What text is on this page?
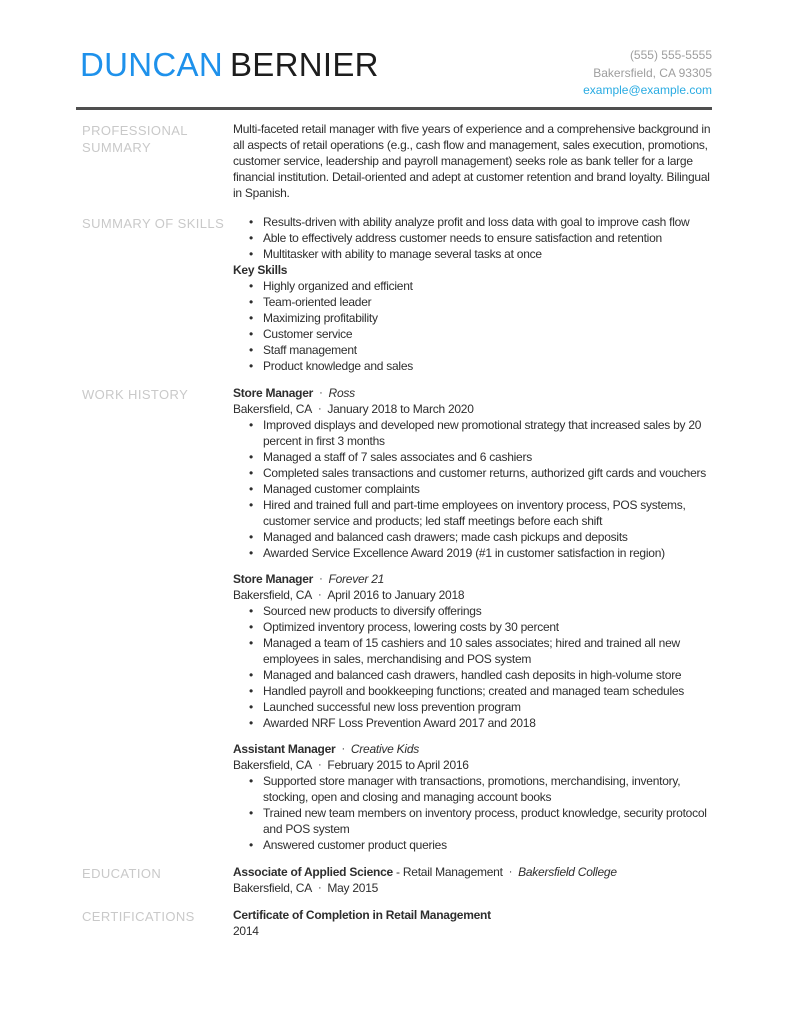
DUNCAN BERNIER	(555) 555-5555
Bakersfield, CA 93305
example@example.com
PROFESSIONAL SUMMARY

Multi-faceted retail manager with five years of experience and a comprehensive background in all aspects of retail operations (e.g., cash flow and management, sales execution, promotions, customer service, leadership and payroll management) seeks role as bank teller for a large financial institution. Detail-oriented and adept at customer retention and brand loyalty. Bilingual in Spanish.

SUMMARY OF SKILLS	• Results-driven with ability analyze profit and loss data with goal to improve cash flow
• Able to effectively address customer needs to ensure satisfaction and retention
• Multitasker with ability to manage several tasks at once
Key Skills
• Highly organized and efficient
• Team-oriented leader
• Maximizing profitability
• Customer service
• Staff management
• Product knowledge and sales
WORK HISTORY	Store Manager · Ross
Bakersfield, CA · January 2018 to March 2020
• Improved displays and developed new promotional strategy that increased sales by 20 percent in first 3 months
• Managed a staff of 7 sales associates and 6 cashiers
• Completed sales transactions and customer returns, authorized gift cards and vouchers
• Managed customer complaints
• Hired and trained full and part-time employees on inventory process, POS systems, customer service and products; led staff meetings before each shift
• Managed and balanced cash drawers; made cash pickups and deposits
• Awarded Service Excellence Award 2019 (#1 in customer satisfaction in region)
Store Manager · Forever 21
Bakersfield, CA · April 2016 to January 2018
• Sourced new products to diversify offerings
• Optimized inventory process, lowering costs by 30 percent
• Managed a team of 15 cashiers and 10 sales associates; hired and trained all new employees in sales, merchandising and POS system
• Managed and balanced cash drawers, handled cash deposits in high-volume store
• Handled payroll and bookkeeping functions; created and managed team schedules
• Launched successful new loss prevention program
• Awarded NRF Loss Prevention Award 2017 and 2018
Assistant Manager · Creative Kids
Bakersfield, CA · February 2015 to April 2016
• Supported store manager with transactions, promotions, merchandising, inventory, stocking, open and closing and managing account books
• Trained new team members on inventory process, product knowledge, security protocol and POS system
• Answered customer product queries
EDUCATION	Associate of Applied Science - Retail Management · Bakersfield College

Bakersfield, CA · May 2015

CERTIFICATIONS	Certificate of Completion in Retail Management

2014
